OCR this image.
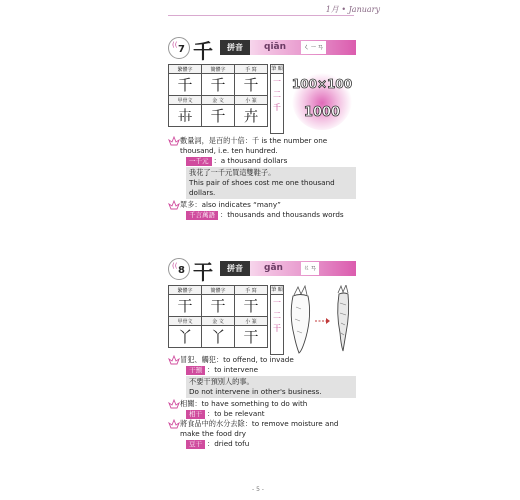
1月 • January
(( 7 千	拼音	qiān ㄑㄧㄢ
繁體字	簡體字	手 寫
千	千	千
甲骨文	金 文	小 篆
𠦃	千	𠦄
筆 順
一
二
千
100×100
1000
數量詞，是百的十倍：千 is the number one thousand, i.e. ten hundred.
一千元 ：a thousand dollars
我花了一千元買這雙鞋子。
This pair of shoes cost me one thousand dollars.
眾多：also indicates “many”
千言萬語 ：thousands and thousands words
(( 8 干	拼音	gān	ㄍㄢ
繁體字	簡體字	手 寫
干	干	干
甲骨文	金 文	小 篆
丫	丫	干
筆 順
一
二
干
冒犯、觸犯：to offend, to invade
干預 ：to intervene
不要干預別人的事。
Do not intervene in other's business.
相關：to have something to do with
相干 ：to be relevant
將食品中的水分去除：to remove moisture and make the food dry
豆干 ：dried tofu
- 5 -
